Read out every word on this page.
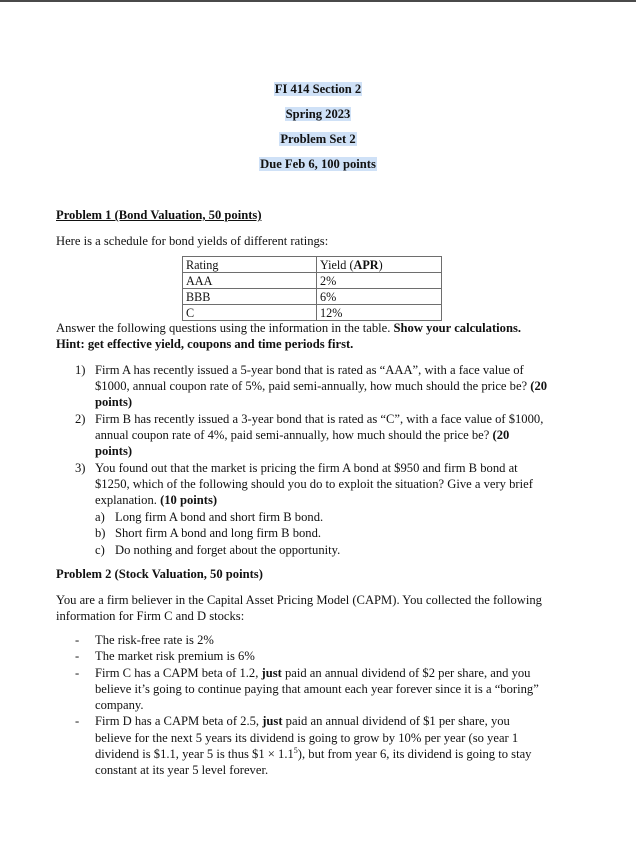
FI 414 Section 2
Spring 2023
Problem Set 2
Due Feb 6, 100 points
Problem 1 (Bond Valuation, 50 points)
Here is a schedule for bond yields of different ratings:
Rating	Yield (APR)
AAA	2%
BBB	6%
C	12%
Answer the following questions using the information in the table. Show your calculations.
Hint: get effective yield, coupons and time periods first.
1) Firm A has recently issued a 5-year bond that is rated as “AAA”, with a face value of
$1000, annual coupon rate of 5%, paid semi-annually, how much should the price be? (20
points)
2) Firm B has recently issued a 3-year bond that is rated as “C”, with a face value of $1000,
annual coupon rate of 4%, paid semi-annually, how much should the price be? (20
points)
3) You found out that the market is pricing the firm A bond at $950 and firm B bond at
$1250, which of the following should you do to exploit the situation? Give a very brief
explanation. (10 points)
a) Long firm A bond and short firm B bond.
b) Short firm A bond and long firm B bond.
c) Do nothing and forget about the opportunity.
Problem 2 (Stock Valuation, 50 points)
You are a firm believer in the Capital Asset Pricing Model (CAPM). You collected the following
information for Firm C and D stocks:
- The risk-free rate is 2%
- The market risk premium is 6%
- Firm C has a CAPM beta of 1.2, just paid an annual dividend of $2 per share, and you
believe it’s going to continue paying that amount each year forever since it is a “boring”
company.
- Firm D has a CAPM beta of 2.5, just paid an annual dividend of $1 per share, you
believe for the next 5 years its dividend is going to grow by 10% per year (so year 1
dividend is $1.1, year 5 is thus $1 × $1.1^5$), but from year 6, its dividend is going to stay
constant at its year 5 level forever.
